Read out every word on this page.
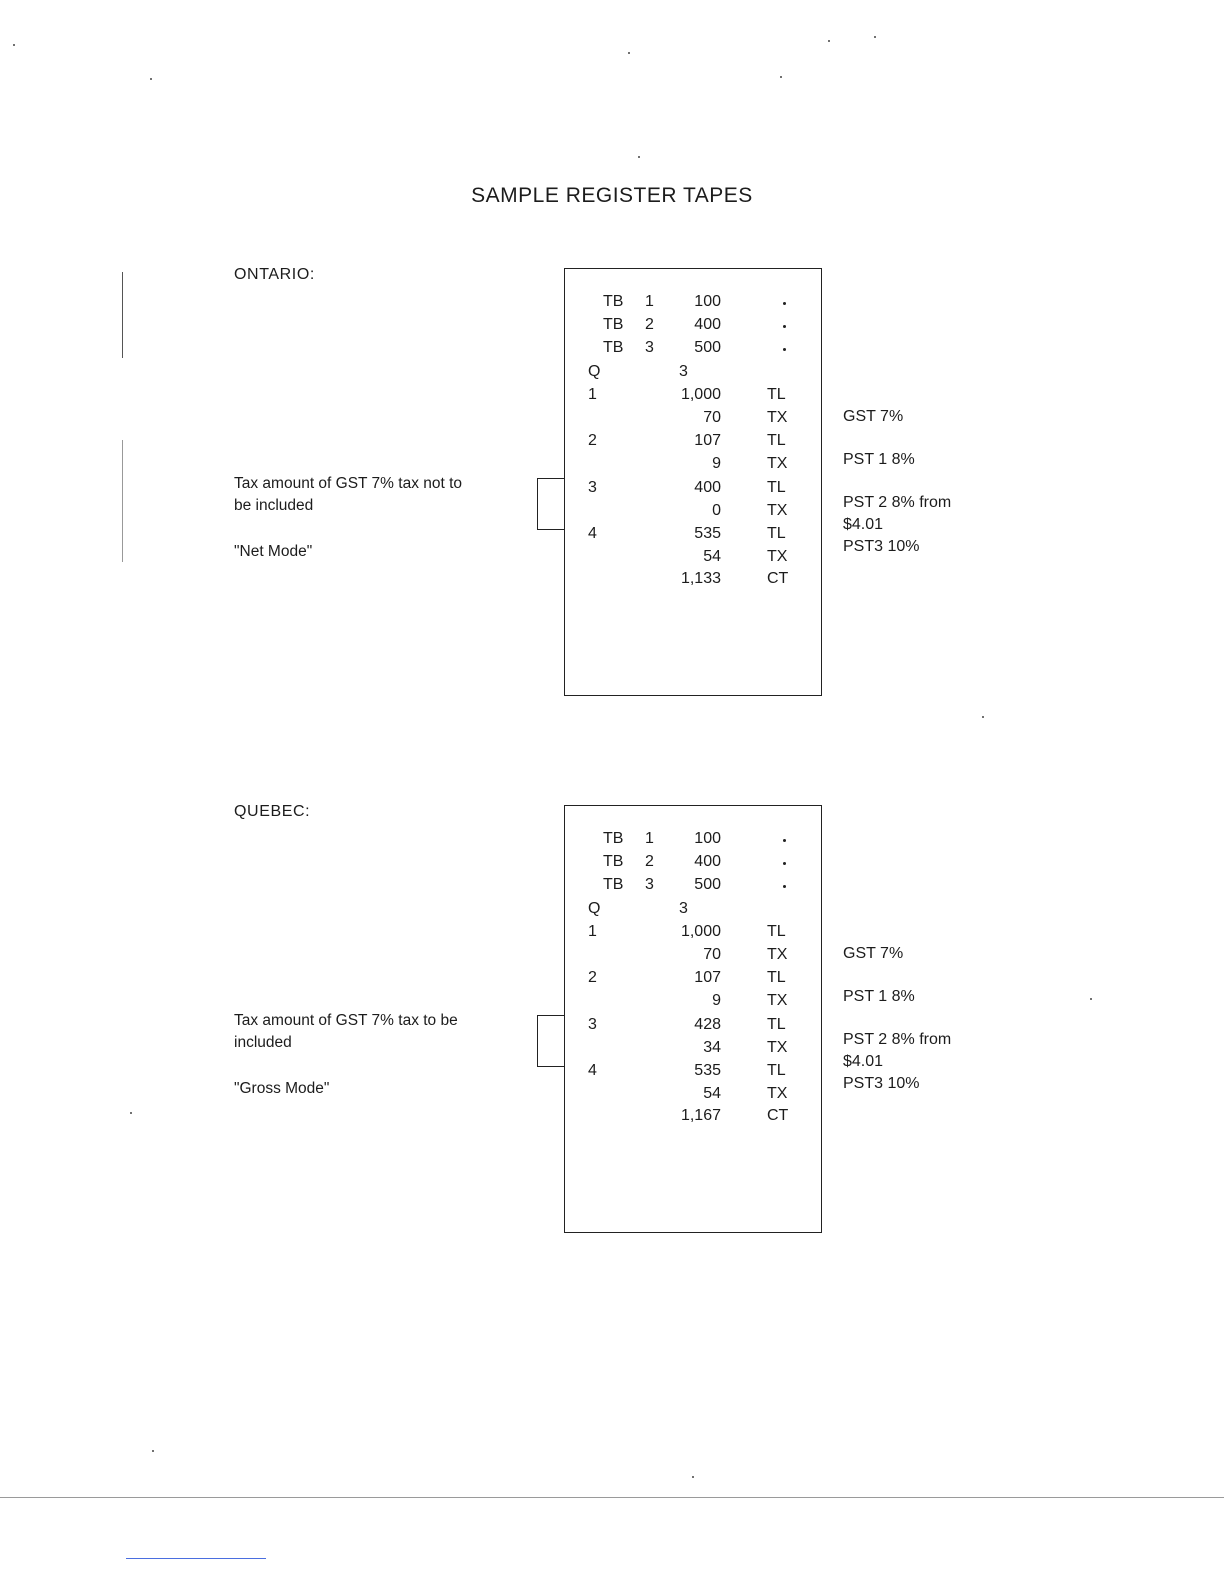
SAMPLE REGISTER TAPES
ONTARIO:
Tax amount of GST 7% tax not to be included
"Net Mode"
TB 1	100
TB 2	400
TB 3	500
Q	3
1	1,000	TL
70	TX
2	107	TL
9	TX
3	400	TL
0	TX
4	535	TL
54	TX
1,133	CT
GST 7%
PST 1 8%
PST 2 8% from
$4.01
PST3 10%
QUEBEC:
Tax amount of GST 7% tax to be included
"Gross Mode"
TB 1	100
TB 2	400
TB 3	500
Q	3
1	1,000	TL
70	TX
2	107	TL
9	TX
3	428	TL
34	TX
4	535	TL
54	TX
1,167	CT
GST 7%
PST 1 8%
PST 2 8% from
$4.01
PST3 10%
